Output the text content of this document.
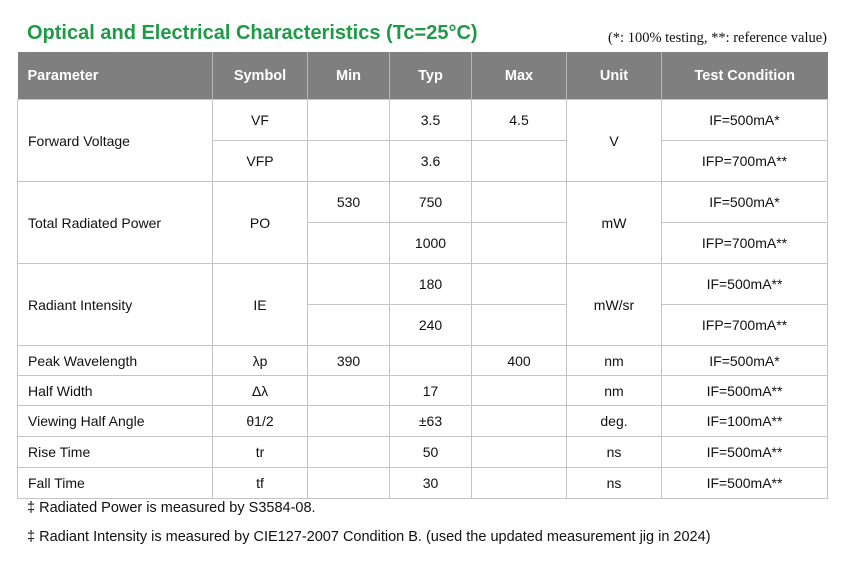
Optical and Electrical Characteristics (Tc=25°C)	(*: 100% testing, **: reference value)
Parameter	Symbol	Min	Typ	Max	Unit	Test Condition
Forward Voltage	VF		3.5	4.5	V	IF=500mA*
	VFP		3.6			IFP=700mA**
Total Radiated Power	PO	530	750		mW	IF=500mA*
			1000			IFP=700mA**
Radiant Intensity	IE		180		mW/sr	IF=500mA**
			240			IFP=700mA**
Peak Wavelength	λp	390		400	nm	IF=500mA*
Half Width	Δλ		17		nm	IF=500mA**
Viewing Half Angle	θ1/2		±63		deg.	IF=100mA**
Rise Time	tr		50		ns	IF=500mA**
Fall Time	tf		30		ns	IF=500mA**
‡ Radiated Power is measured by S3584-08.
‡ Radiant Intensity is measured by CIE127-2007 Condition B. (used the updated measurement jig in 2024)
